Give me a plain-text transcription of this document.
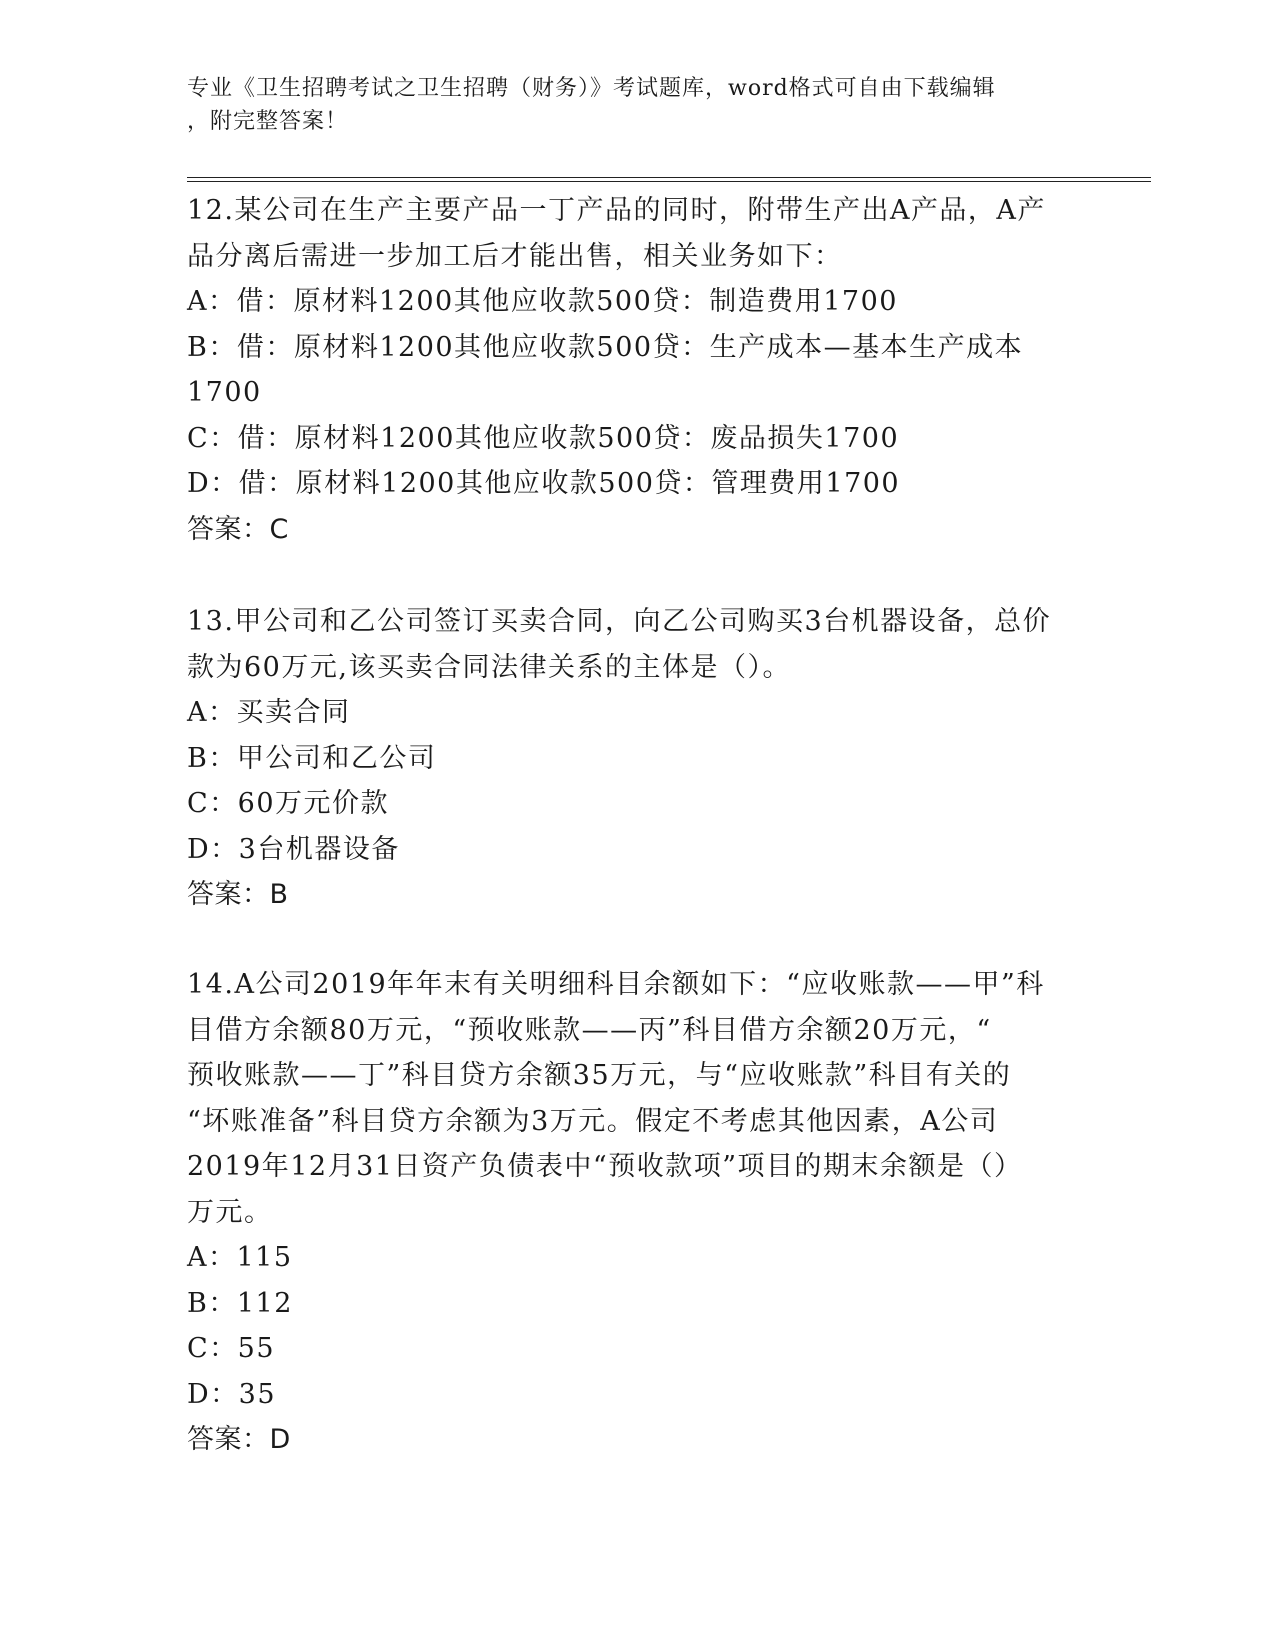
专业《卫生招聘考试之卫生招聘（财务）》考试题库，word格式可自由下载编辑
，附完整答案！
12.某公司在生产主要产品一丁产品的同时，附带生产出A产品，A产
品分离后需进一步加工后才能出售，相关业务如下：
A：借：原材料1200其他应收款500贷：制造费用1700
B：借：原材料1200其他应收款500贷：生产成本—基本生产成本
1700
C：借：原材料1200其他应收款500贷：废品损失1700
D：借：原材料1200其他应收款500贷：管理费用1700
答案：C
13.甲公司和乙公司签订买卖合同，向乙公司购买3台机器设备，总价
款为60万元,该买卖合同法律关系的主体是（）。
A：买卖合同
B：甲公司和乙公司
C：60万元价款
D：3台机器设备
答案：B
14.A公司2019年年末有关明细科目余额如下：“应收账款——甲”科
目借方余额80万元，“预收账款——丙”科目借方余额20万元，“
预收账款——丁”科目贷方余额35万元，与“应收账款”科目有关的
“坏账准备”科目贷方余额为3万元。假定不考虑其他因素，A公司
2019年12月31日资产负债表中“预收款项”项目的期末余额是（）
万元。
A：115
B：112
C：55
D：35
答案：D
